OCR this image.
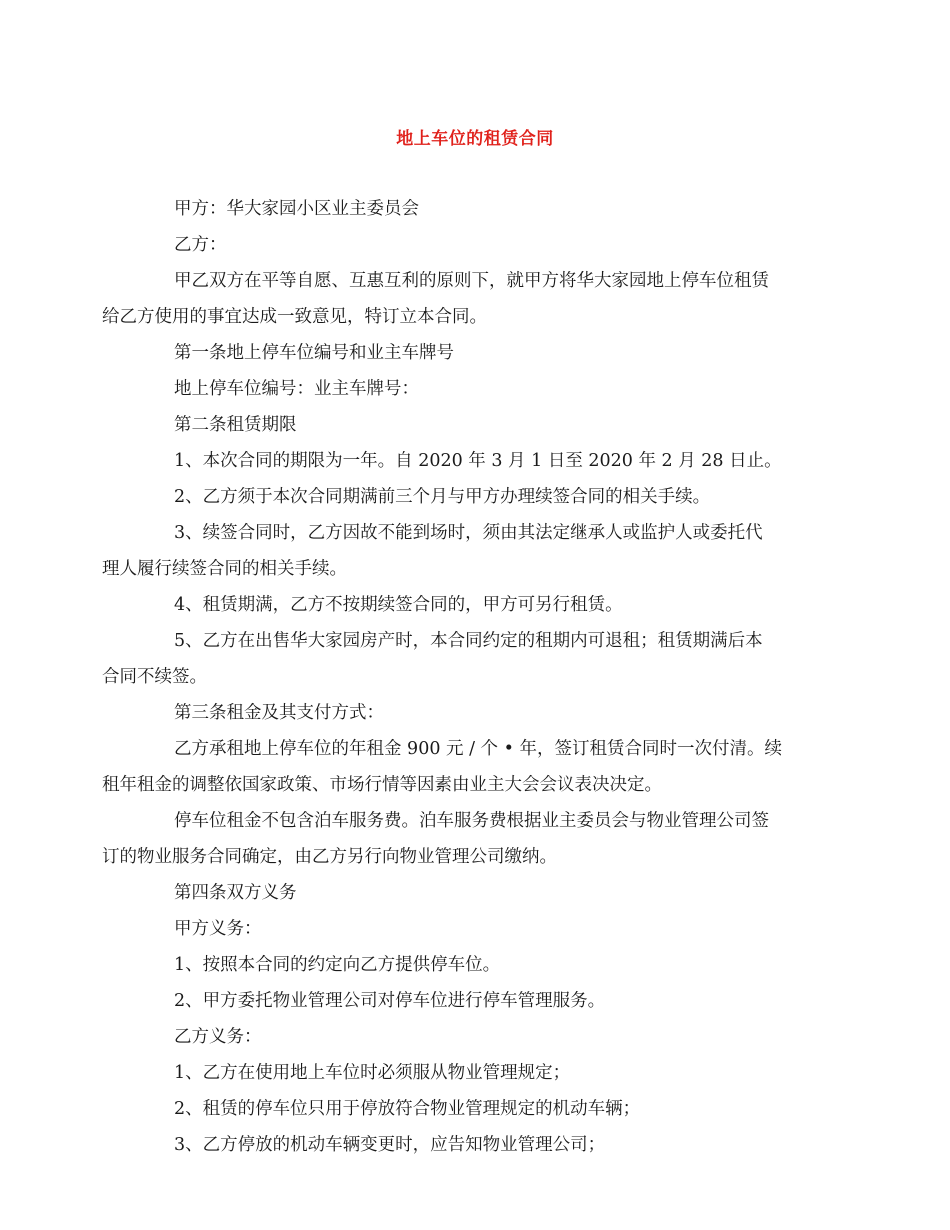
地上车位的租赁合同

甲方：华大家园小区业主委员会

乙方：

甲乙双方在平等自愿、互惠互利的原则下，就甲方将华大家园地上停车位租赁
给乙方使用的事宜达成一致意见，特订立本合同。

第一条地上停车位编号和业主车牌号

地上停车位编号：业主车牌号：

第二条租赁期限

1、本次合同的期限为一年。自 2020 年 3 月 1 日至 2020 年 2 月 28 日止。

2、乙方须于本次合同期满前三个月与甲方办理续签合同的相关手续。

3、续签合同时，乙方因故不能到场时，须由其法定继承人或监护人或委托代
理人履行续签合同的相关手续。

4、租赁期满，乙方不按期续签合同的，甲方可另行租赁。

5、乙方在出售华大家园房产时，本合同约定的租期内可退租；租赁期满后本
合同不续签。

第三条租金及其支付方式：

乙方承租地上停车位的年租金 900 元 / 个 • 年，签订租赁合同时一次付清。续
租年租金的调整依国家政策、市场行情等因素由业主大会会议表决决定。

停车位租金不包含泊车服务费。泊车服务费根据业主委员会与物业管理公司签
订的物业服务合同确定，由乙方另行向物业管理公司缴纳。

第四条双方义务

甲方义务：

1、按照本合同的约定向乙方提供停车位。

2、甲方委托物业管理公司对停车位进行停车管理服务。

乙方义务：

1、乙方在使用地上车位时必须服从物业管理规定；

2、租赁的停车位只用于停放符合物业管理规定的机动车辆；

3、乙方停放的机动车辆变更时，应告知物业管理公司；
